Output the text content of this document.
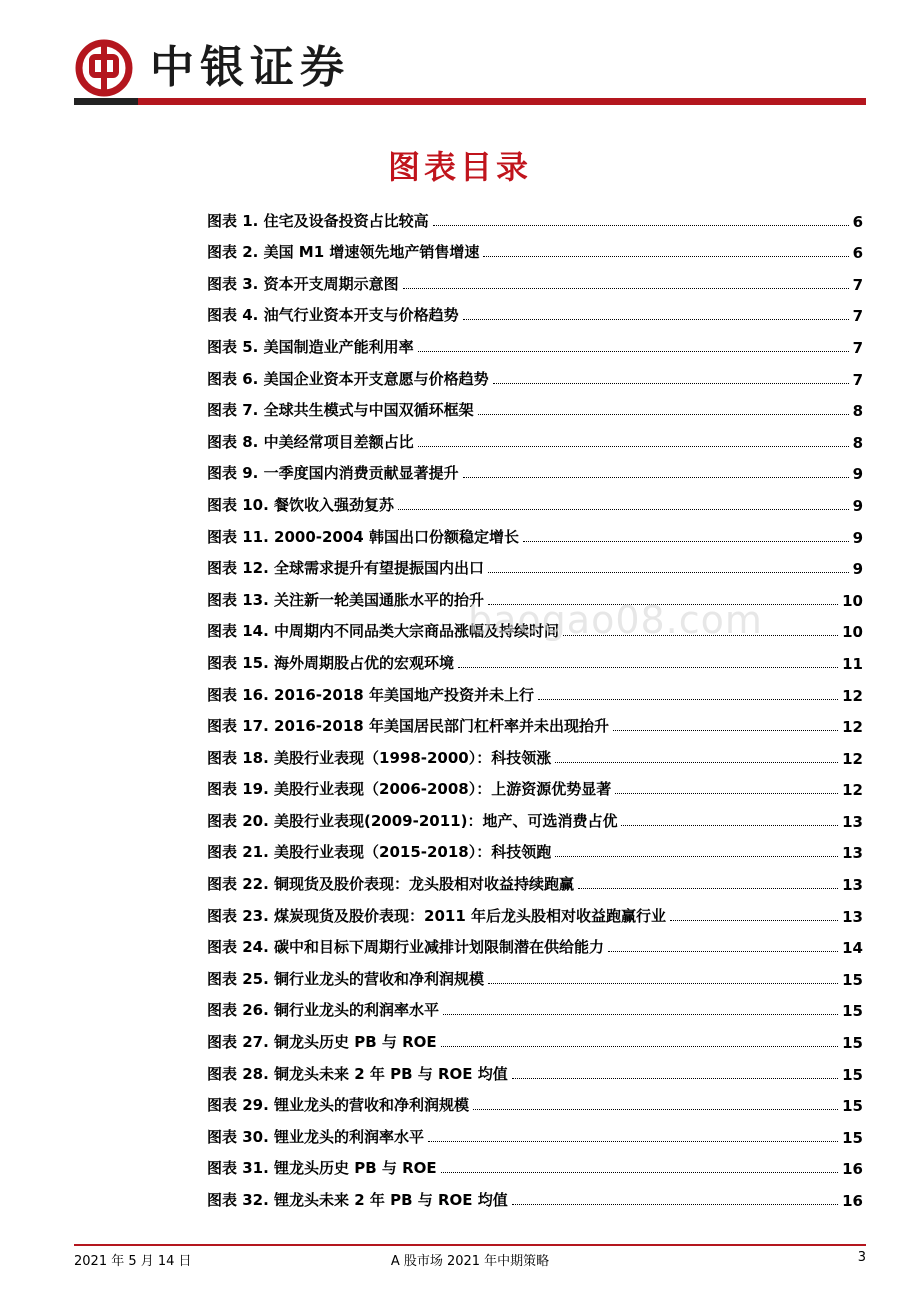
中银证券
图表目录
图表 1. 住宅及设备投资占比较高	6
图表 2. 美国 M1 增速领先地产销售增速	6
图表 3. 资本开支周期示意图	7
图表 4. 油气行业资本开支与价格趋势	7
图表 5. 美国制造业产能利用率	7
图表 6. 美国企业资本开支意愿与价格趋势	7
图表 7. 全球共生模式与中国双循环框架	8
图表 8. 中美经常项目差额占比	8
图表 9. 一季度国内消费贡献显著提升	9
图表 10. 餐饮收入强劲复苏	9
图表 11. 2000-2004 韩国出口份额稳定增长	9
图表 12. 全球需求提升有望提振国内出口	9
图表 13. 关注新一轮美国通胀水平的抬升	10
图表 14. 中周期内不同品类大宗商品涨幅及持续时间	10
图表 15. 海外周期股占优的宏观环境	11
图表 16. 2016-2018 年美国地产投资并未上行	12
图表 17. 2016-2018 年美国居民部门杠杆率并未出现抬升	12
图表 18. 美股行业表现（1998-2000）：科技领涨	12
图表 19. 美股行业表现（2006-2008）：上游资源优势显著	12
图表 20. 美股行业表现(2009-2011)：地产、可选消费占优	13
图表 21. 美股行业表现（2015-2018）：科技领跑	13
图表 22. 铜现货及股价表现：龙头股相对收益持续跑赢	13
图表 23. 煤炭现货及股价表现：2011 年后龙头股相对收益跑赢行业	13
图表 24. 碳中和目标下周期行业减排计划限制潜在供给能力	14
图表 25. 铜行业龙头的营收和净利润规模	15
图表 26. 铜行业龙头的利润率水平	15
图表 27. 铜龙头历史 PB 与 ROE	15
图表 28. 铜龙头未来 2 年 PB 与 ROE 均值	15
图表 29. 锂业龙头的营收和净利润规模	15
图表 30. 锂业龙头的利润率水平	15
图表 31. 锂龙头历史 PB 与 ROE	16
图表 32. 锂龙头未来 2 年 PB 与 ROE 均值	16
baogao08.com
2021 年 5 月 14 日	A 股市场 2021 年中期策略	3
